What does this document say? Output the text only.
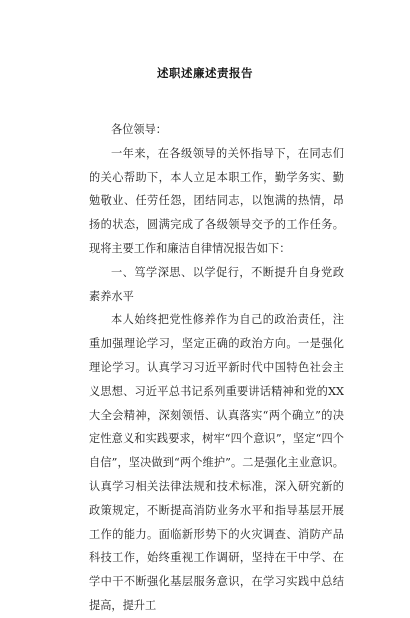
述职述廉述责报告

各位领导：

一年来，在各级领导的关怀指导下，在同志们的关心帮助下，本人立足本职工作，勤学务实、勤勉敬业、任劳任怨，团结同志，以饱满的热情，昂扬的状态，圆满完成了各级领导交予的工作任务。现将主要工作和廉洁自律情况报告如下：

一、笃学深思、以学促行，不断提升自身党政素养水平

本人始终把党性修养作为自己的政治责任，注重加强理论学习，坚定正确的政治方向。一是强化理论学习。认真学习习近平新时代中国特色社会主义思想、习近平总书记系列重要讲话精神和党的XX大全会精神，深刻领悟、认真落实“两个确立”的决定性意义和实践要求，树牢“四个意识”，坚定“四个自信”，坚决做到“两个维护”。二是强化主业意识。认真学习相关法律法规和技术标准，深入研究新的政策规定，不断提高消防业务水平和指导基层开展工作的能力。面临新形势下的火灾调查、消防产品科技工作，始终重视工作调研，坚持在干中学、在学中干不断强化基层服务意识，在学习实践中总结提高，提升工
